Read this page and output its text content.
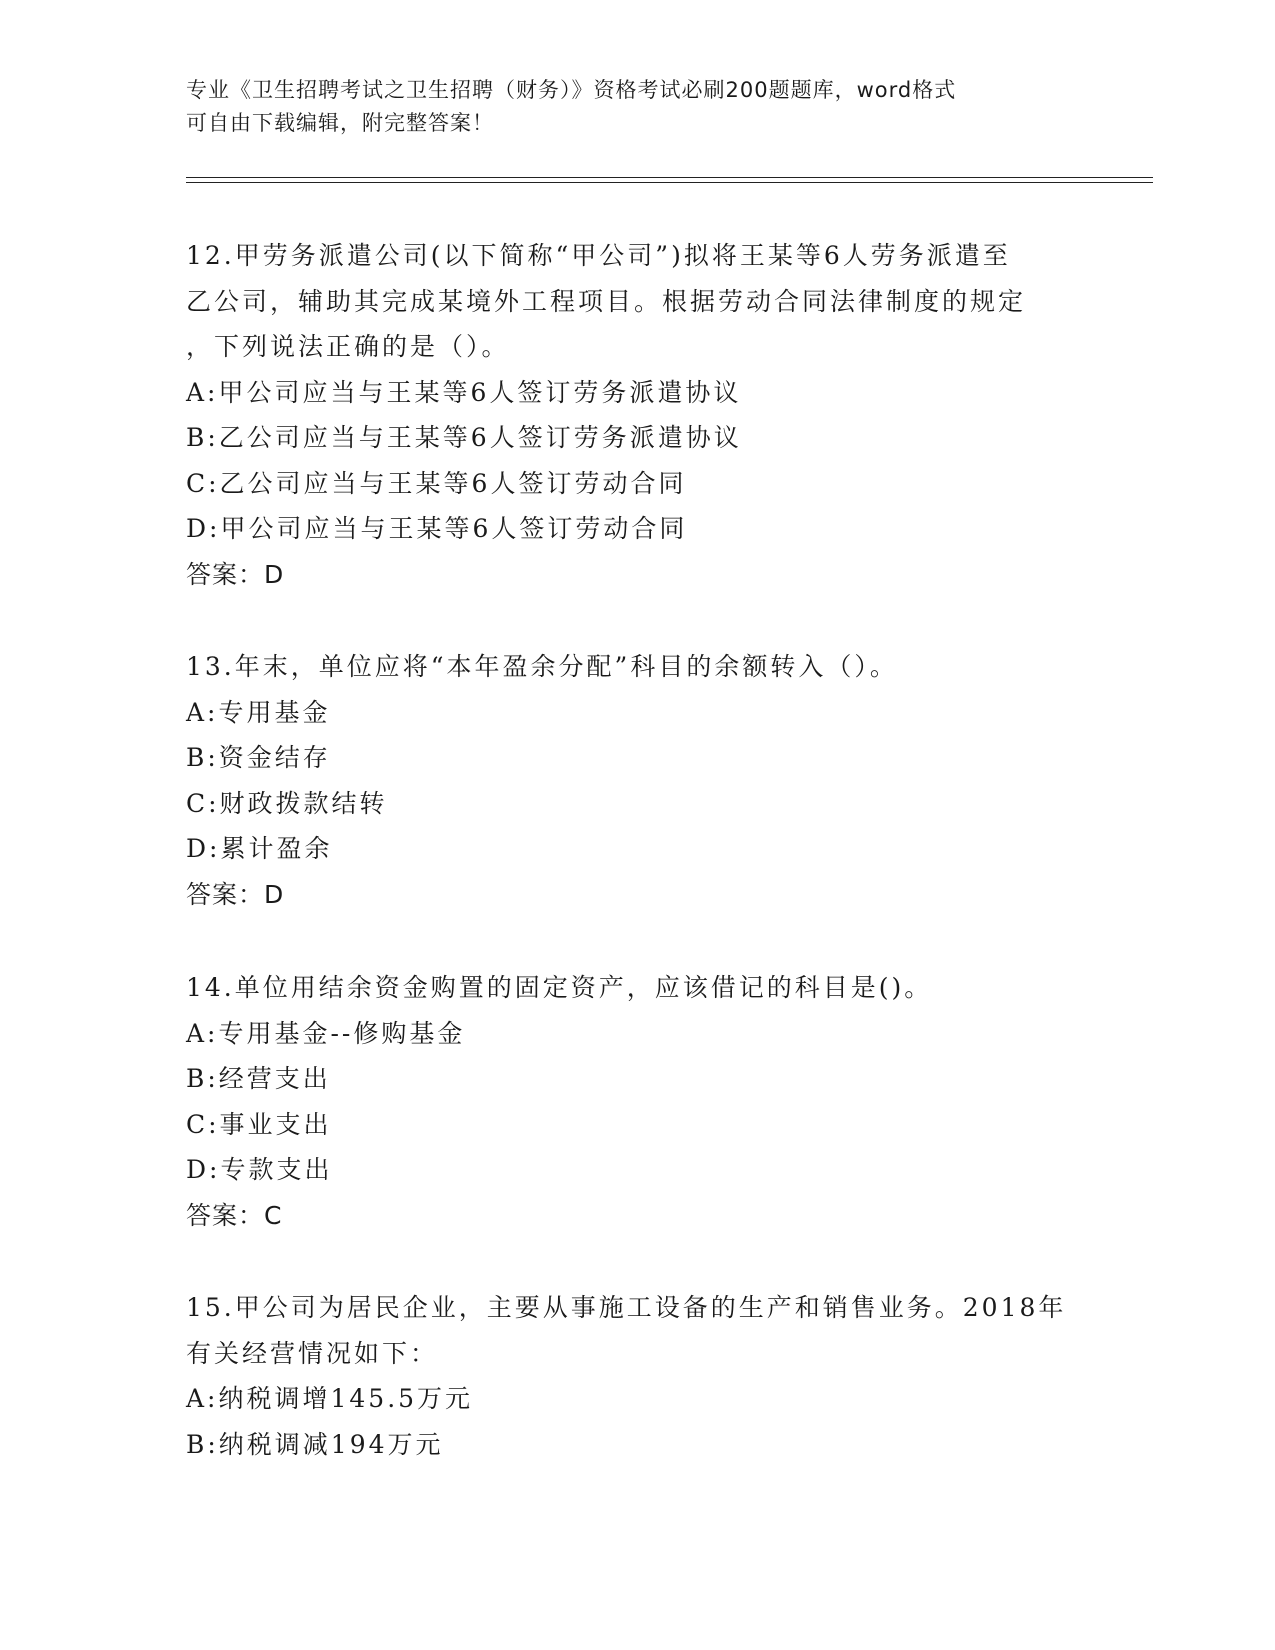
专业《卫生招聘考试之卫生招聘（财务）》资格考试必刷200题题库，word格式
可自由下载编辑，附完整答案！
12.甲劳务派遣公司(以下简称“甲公司”)拟将王某等6人劳务派遣至
乙公司，辅助其完成某境外工程项目。根据劳动合同法律制度的规定
，下列说法正确的是（）。
A:甲公司应当与王某等6人签订劳务派遣协议
B:乙公司应当与王某等6人签订劳务派遣协议
C:乙公司应当与王某等6人签订劳动合同
D:甲公司应当与王某等6人签订劳动合同
答案：D
13.年末，单位应将“本年盈余分配”科目的余额转入（）。
A:专用基金
B:资金结存
C:财政拨款结转
D:累计盈余
答案：D
14.单位用结余资金购置的固定资产，应该借记的科目是()。
A:专用基金--修购基金
B:经营支出
C:事业支出
D:专款支出
答案：C
15.甲公司为居民企业，主要从事施工设备的生产和销售业务。2018年
有关经营情况如下：
A:纳税调增145.5万元
B:纳税调减194万元
